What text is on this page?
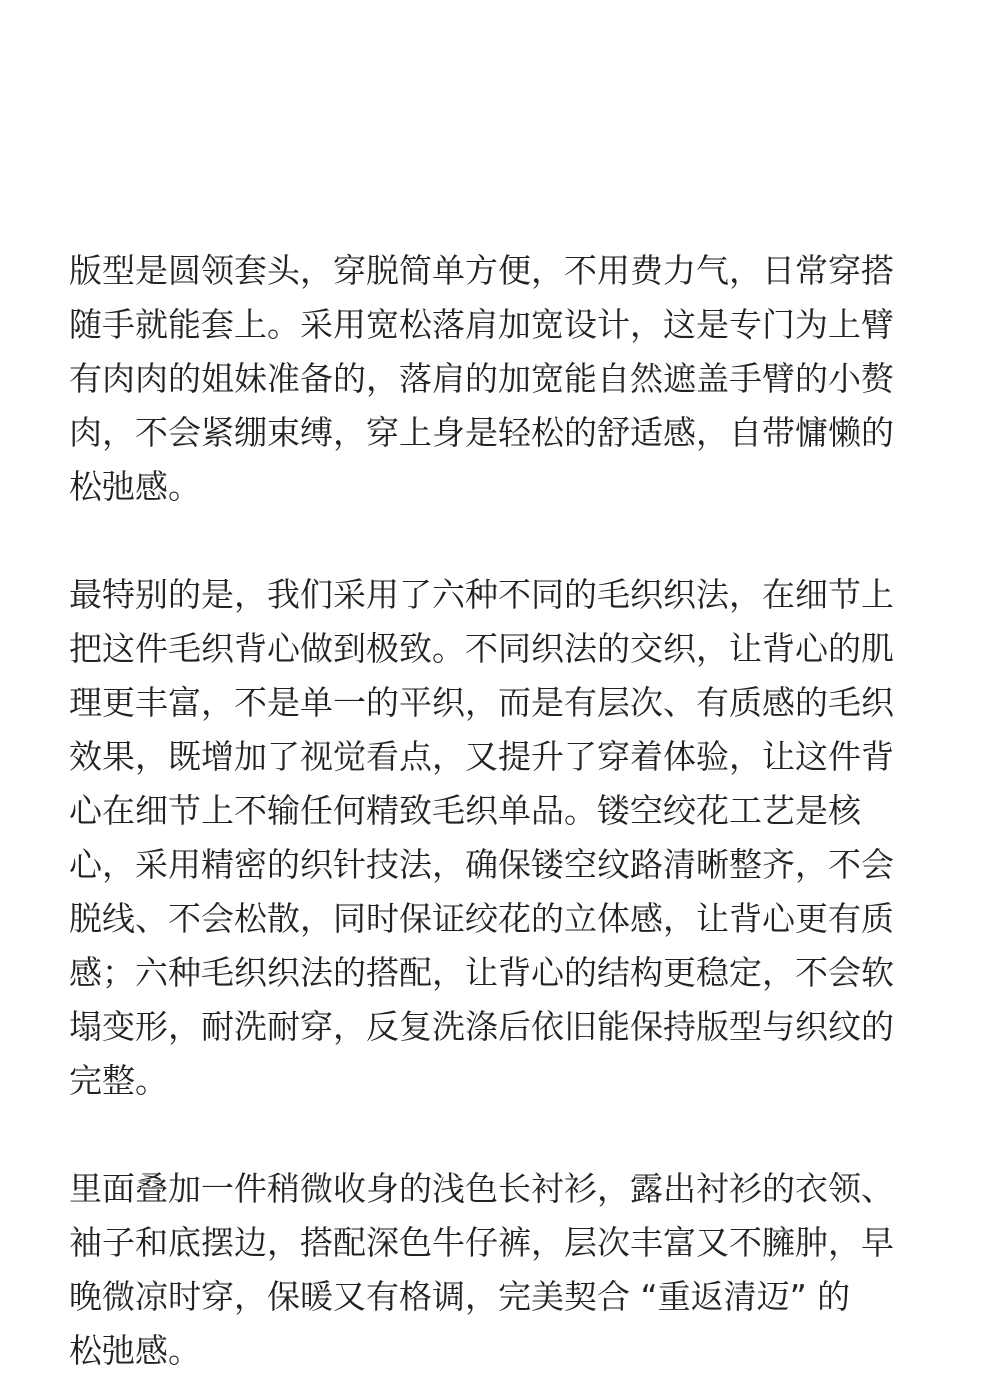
版型是圆领套头，穿脱简单方便，不用费力气，日常穿搭
随手就能套上。采用宽松落肩加宽设计，这是专门为上臂
有肉肉的姐妹准备的，落肩的加宽能自然遮盖手臂的小赘
肉，不会紧绷束缚，穿上身是轻松的舒适感，自带慵懒的
松弛感。
最特别的是，我们采用了六种不同的毛织织法，在细节上
把这件毛织背心做到极致。不同织法的交织，让背心的肌
理更丰富，不是单一的平织，而是有层次、有质感的毛织
效果，既增加了视觉看点，又提升了穿着体验，让这件背
心在细节上不输任何精致毛织单品。镂空绞花工艺是核
心，采用精密的织针技法，确保镂空纹路清晰整齐，不会
脱线、不会松散，同时保证绞花的立体感，让背心更有质
感；六种毛织织法的搭配，让背心的结构更稳定，不会软
塌变形，耐洗耐穿，反复洗涤后依旧能保持版型与织纹的
完整。
里面叠加一件稍微收身的浅色长衬衫，露出衬衫的衣领、
袖子和底摆边，搭配深色牛仔裤，层次丰富又不臃肿，早
晚微凉时穿，保暖又有格调，完美契合 “重返清迈” 的
松弛感。
